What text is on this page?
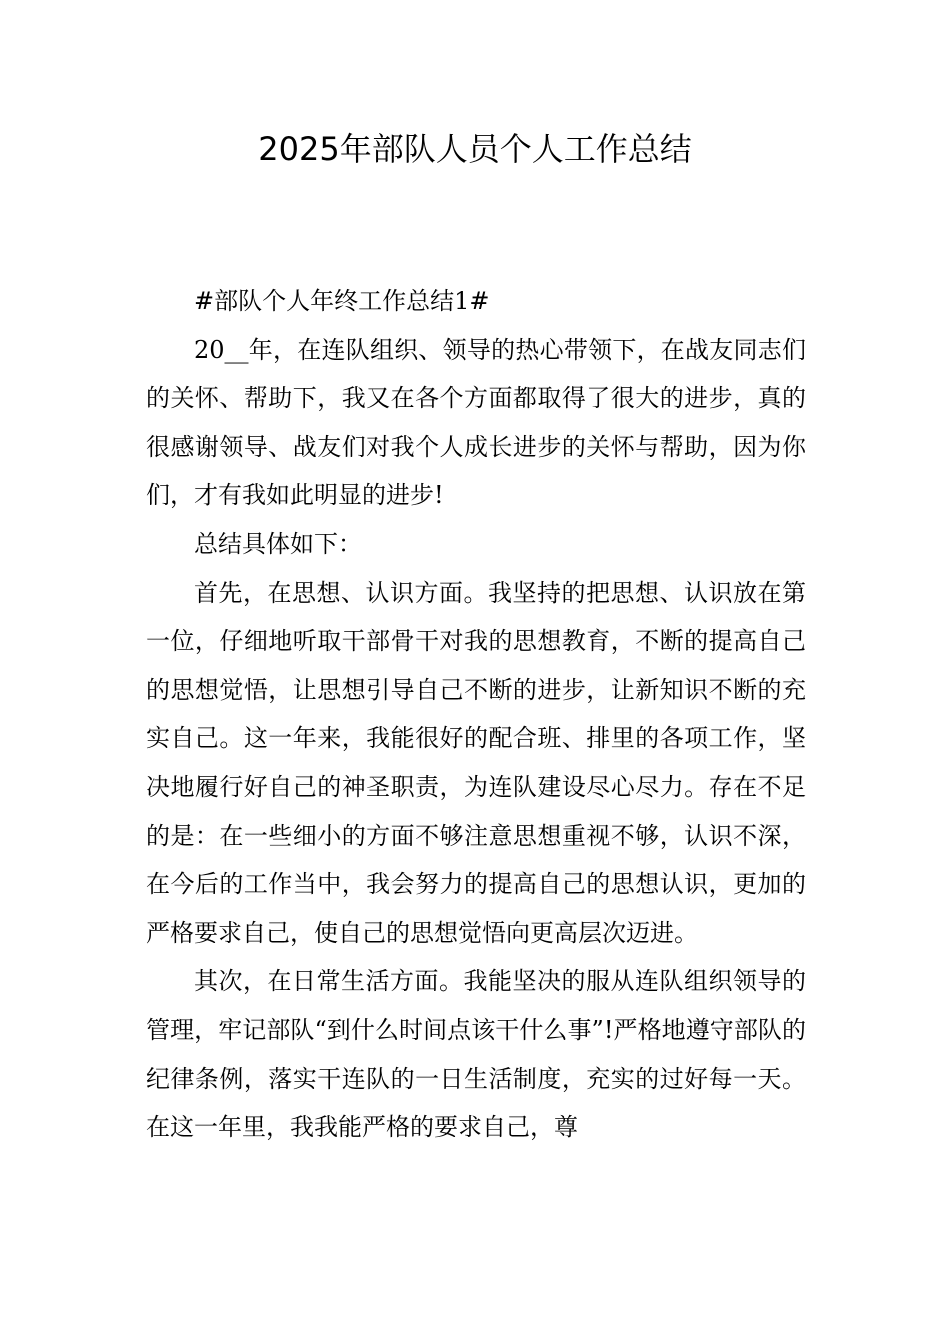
2025年部队人员个人工作总结

#部队个人年终工作总结1#

20__年，在连队组织、领导的热心带领下，在战友同志们的关怀、帮助下，我又在各个方面都取得了很大的进步，真的很感谢领导、战友们对我个人成长进步的关怀与帮助，因为你们，才有我如此明显的进步!

总结具体如下：

首先，在思想、认识方面。我坚持的把思想、认识放在第一位，仔细地听取干部骨干对我的思想教育，不断的提高自己的思想觉悟，让思想引导自己不断的进步，让新知识不断的充实自己。这一年来，我能很好的配合班、排里的各项工作，坚决地履行好自己的神圣职责，为连队建设尽心尽力。存在不足的是：在一些细小的方面不够注意思想重视不够，认识不深，在今后的工作当中，我会努力的提高自己的思想认识，更加的严格要求自己，使自己的思想觉悟向更高层次迈进。

其次，在日常生活方面。我能坚决的服从连队组织领导的管理，牢记部队“到什么时间点该干什么事”!严格地遵守部队的纪律条例，落实干连队的一日生活制度，充实的过好每一天。在这一年里，我我能严格的要求自己，尊
